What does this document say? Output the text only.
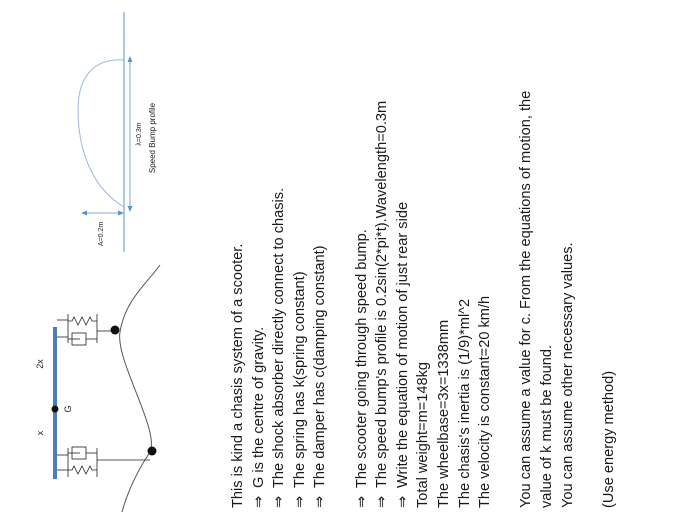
G
x
2x
λ=0.3m Speed Bump profile
A=0.2m
This is kind a chasis system of a scooter. ⇒G is the centre of gravity.
⇒The shock absorber directly connect to chasis.
⇒The spring has k(spring constant)
⇒The damper has c(damping constant)
⇒The scooter going through speed bump.
⇒The speed bump's profile is 0.2sin(2*pi*t).Wavelength=0.3m
⇒Write the equation of motion of just rear side Total weight=m=148kg The wheelbase=3x=1338mm The chasis's inertia is (1/9)*ml^2 The velocity is constant=20 km/h You can assume a value for c. From the equations of motion, the value of k must be found. You can assume other necessary values. (Use energy method)
